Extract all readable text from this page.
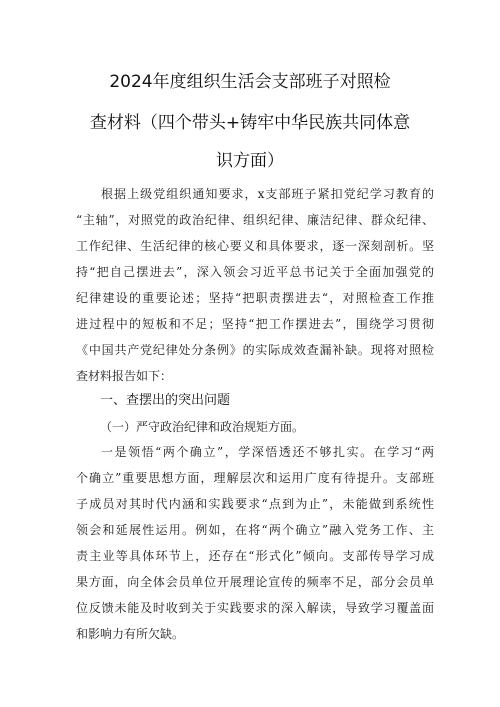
2024年度组织生活会支部班子对照检
查材料（四个带头+铸牢中华民族共同体意
识方面）
根据上级党组织通知要求，x支部班子紧扣党纪学习教育的
“主轴”，对照党的政治纪律、组织纪律、廉洁纪律、群众纪律、
工作纪律、生活纪律的核心要义和具体要求，逐一深刻剖析。坚
持“把自己摆进去”，深入领会习近平总书记关于全面加强党的
纪律建设的重要论述；坚持“把职责摆进去“，对照检查工作推
进过程中的短板和不足；坚持“把工作摆进去”，围绕学习贯彻
《中国共产党纪律处分条例》的实际成效查漏补缺。现将对照检
查材料报告如下：
一、查摆出的突出问题
（一）严守政治纪律和政治规矩方面。
一是领悟“两个确立”，学深悟透还不够扎实。在学习“两
个确立”重要思想方面，理解层次和运用广度有待提升。支部班
子成员对其时代内涵和实践要求“点到为止”，未能做到系统性
领会和延展性运用。例如，在将“两个确立”融入党务工作、主
责主业等具体环节上，还存在“形式化”倾向。支部传导学习成
果方面，向全体会员单位开展理论宣传的频率不足，部分会员单
位反馈未能及时收到关于实践要求的深入解读，导致学习覆盖面
和影响力有所欠缺。
